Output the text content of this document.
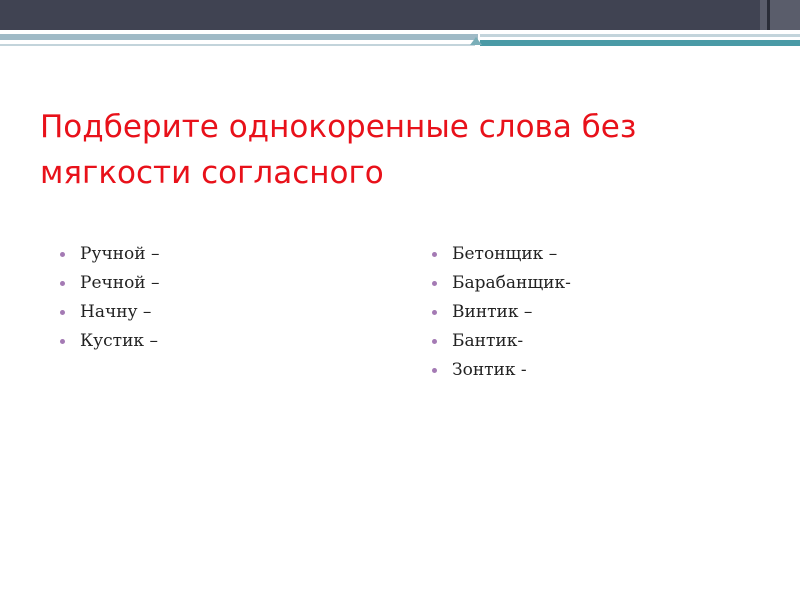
Подберите однокоренные слова без мягкости согласного
Ручной –
Речной –
Начну –
Кустик –
Бетонщик –
Барабанщик-
Винтик –
Бантик-
Зонтик -
